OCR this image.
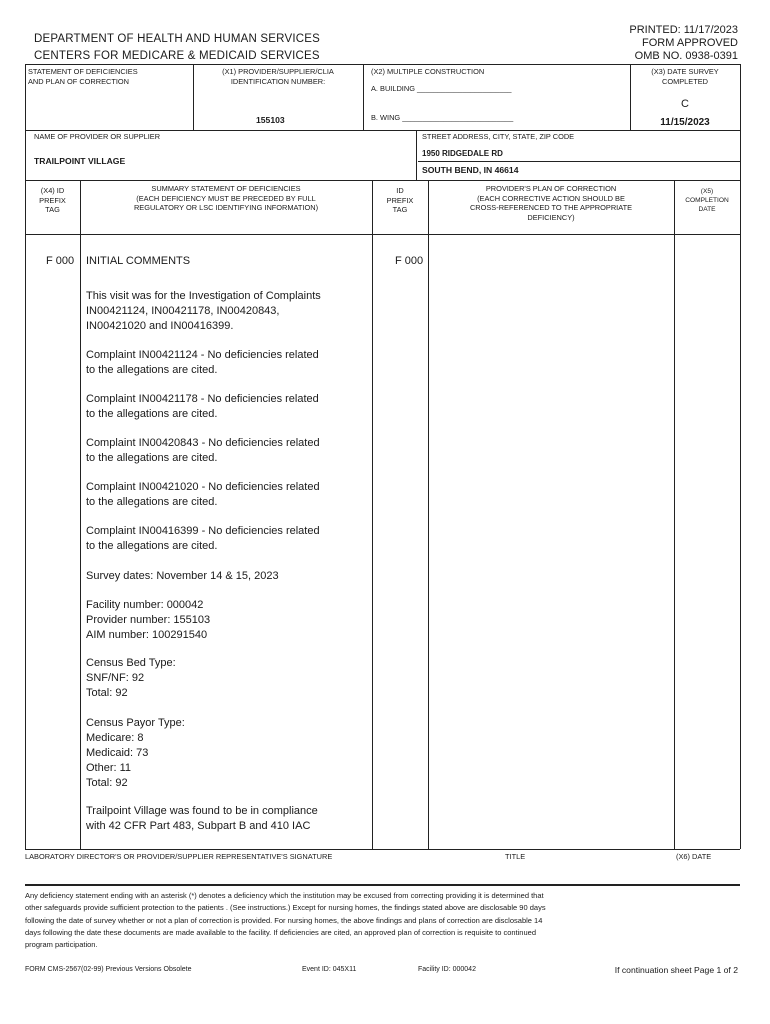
DEPARTMENT OF HEALTH AND HUMAN SERVICES
CENTERS FOR MEDICARE & MEDICAID SERVICES
PRINTED: 11/17/2023
FORM APPROVED
OMB NO. 0938-0391
STATEMENT OF DEFICIENCIES
AND PLAN OF CORRECTION
(X1) PROVIDER/SUPPLIER/CLIA
IDENTIFICATION NUMBER:
155103
(X2) MULTIPLE CONSTRUCTION
A. BUILDING _______________________
B. WING ___________________________
(X3) DATE SURVEY
COMPLETED
C
11/15/2023
NAME OF PROVIDER OR SUPPLIER
TRAILPOINT VILLAGE
STREET ADDRESS, CITY, STATE, ZIP CODE
1950 RIDGEDALE RD
SOUTH BEND, IN 46614
(X4) ID
PREFIX
TAG
SUMMARY STATEMENT OF DEFICIENCIES
(EACH DEFICIENCY MUST BE PRECEDED BY FULL
REGULATORY OR LSC IDENTIFYING INFORMATION)
ID
PREFIX
TAG
PROVIDER'S PLAN OF CORRECTION
(EACH CORRECTIVE ACTION SHOULD BE
CROSS-REFERENCED TO THE APPROPRIATE
DEFICIENCY)
(X5)
COMPLETION
DATE
F 000 INITIAL COMMENTS	F 000
This visit was for the Investigation of Complaints
IN00421124, IN00421178, IN00420843,
IN00421020 and IN00416399.
Complaint IN00421124 - No deficiencies related
to the allegations are cited.
Complaint IN00421178 - No deficiencies related
to the allegations are cited.
Complaint IN00420843 - No deficiencies related
to the allegations are cited.
Complaint IN00421020 - No deficiencies related
to the allegations are cited.
Complaint IN00416399 - No deficiencies related
to the allegations are cited.
Survey dates: November 14 & 15, 2023
Facility number: 000042
Provider number: 155103
AIM number: 100291540
Census Bed Type:
SNF/NF: 92
Total: 92
Census Payor Type:
Medicare: 8
Medicaid: 73
Other: 11
Total: 92
Trailpoint Village was found to be in compliance
with 42 CFR Part 483, Subpart B and 410 IAC
LABORATORY DIRECTOR'S OR PROVIDER/SUPPLIER REPRESENTATIVE'S SIGNATURE	TITLE	(X6) DATE
Any deficiency statement ending with an asterisk (*) denotes a deficiency which the institution may be excused from correcting providing it is determined that
other safeguards provide sufficient protection to the patients . (See instructions.) Except for nursing homes, the findings stated above are disclosable 90 days
following the date of survey whether or not a plan of correction is provided. For nursing homes, the above findings and plans of correction are disclosable 14
days following the date these documents are made available to the facility. If deficiencies are cited, an approved plan of correction is requisite to continued
program participation.
FORM CMS-2567(02-99) Previous Versions Obsolete	Event ID: 045X11	Facility ID: 000042	If continuation sheet Page 1 of 2
